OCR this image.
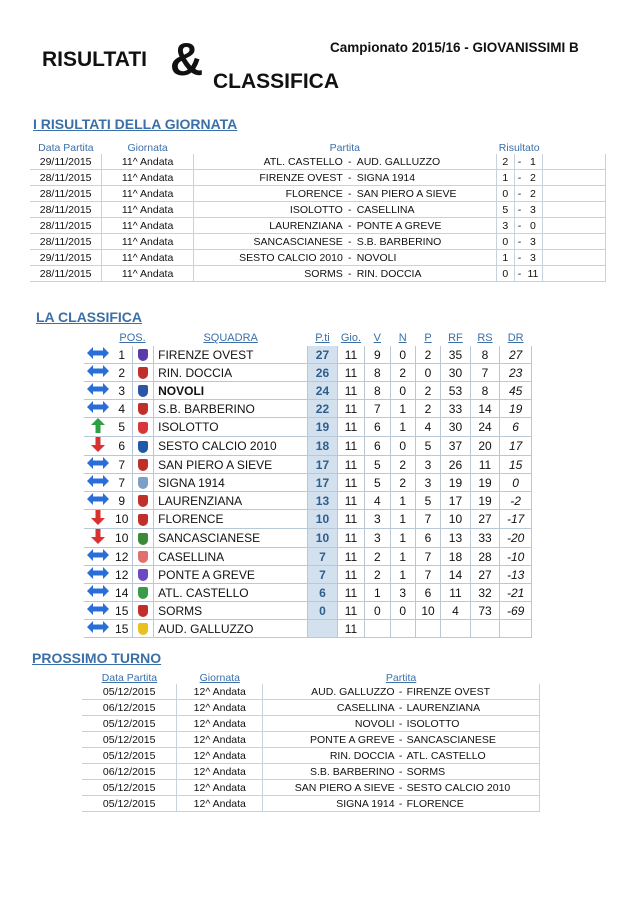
RISULTATI & CLASSIFICA
Campionato 2015/16 - GIOVANISSIMI B
I RISULTATI DELLA GIORNATA
Data Partita	Giornata	Partita			Risultato			
29/11/2015	11^ Andata	ATL. CASTELLO	-	AUD. GALLUZZO	2	-	1	
28/11/2015	11^ Andata	FIRENZE OVEST	-	SIGNA 1914	1	-	2	
28/11/2015	11^ Andata	FLORENCE	-	SAN PIERO A SIEVE	0	-	2	
28/11/2015	11^ Andata	ISOLOTTO	-	CASELLINA	5	-	3	
28/11/2015	11^ Andata	LAURENZIANA	-	PONTE A GREVE	3	-	0	
28/11/2015	11^ Andata	SANCASCIANESE	-	S.B. BARBERINO	0	-	3	
29/11/2015	11^ Andata	SESTO CALCIO 2010	-	NOVOLI	1	-	3	
28/11/2015	11^ Andata	SORMS	-	RIN. DOCCIA	0	-	11	
LA CLASSIFICA
	POS.		SQUADRA	P.ti	Gio.	V	N	P	RF	RS	DR
	1		FIRENZE OVEST	27	11	9	0	2	35	8	27
	2		RIN. DOCCIA	26	11	8	2	0	30	7	23
	3		NOVOLI	24	11	8	0	2	53	8	45
	4		S.B. BARBERINO	22	11	7	1	2	33	14	19
	5		ISOLOTTO	19	11	6	1	4	30	24	6
	6		SESTO CALCIO 2010	18	11	6	0	5	37	20	17
	7		SAN PIERO A SIEVE	17	11	5	2	3	26	11	15
	7		SIGNA 1914	17	11	5	2	3	19	19	0
	9		LAURENZIANA	13	11	4	1	5	17	19	-2
	10		FLORENCE	10	11	3	1	7	10	27	-17
	10		SANCASCIANESE	10	11	3	1	6	13	33	-20
	12		CASELLINA	7	11	2	1	7	18	28	-10
	12		PONTE A GREVE	7	11	2	1	7	14	27	-13
	14		ATL. CASTELLO	6	11	1	3	6	11	32	-21
	15		SORMS	0	11	0	0	10	4	73	-69
	15		AUD. GALLUZZO		11						
PROSSIMO TURNO
Data Partita	Giornata	Partita		
05/12/2015	12^ Andata	AUD. GALLUZZO	-	FIRENZE OVEST
06/12/2015	12^ Andata	CASELLINA	-	LAURENZIANA
05/12/2015	12^ Andata	NOVOLI	-	ISOLOTTO
05/12/2015	12^ Andata	PONTE A GREVE	-	SANCASCIANESE
05/12/2015	12^ Andata	RIN. DOCCIA	-	ATL. CASTELLO
06/12/2015	12^ Andata	S.B. BARBERINO	-	SORMS
05/12/2015	12^ Andata	SAN PIERO A SIEVE	-	SESTO CALCIO 2010
05/12/2015	12^ Andata	SIGNA 1914	-	FLORENCE
